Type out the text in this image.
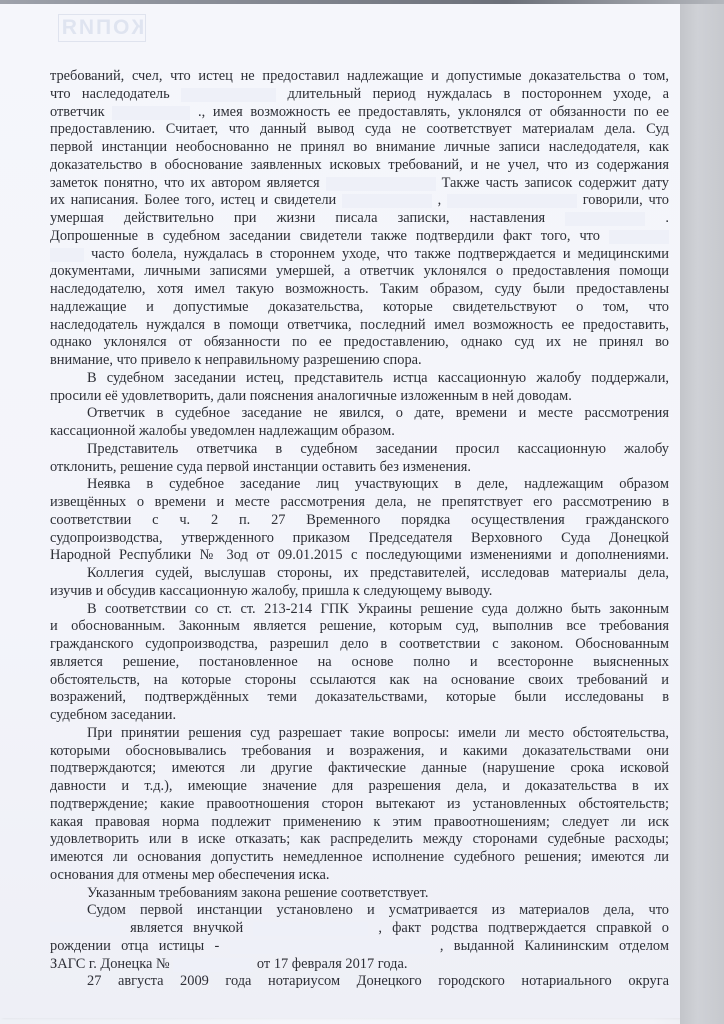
КОПИЯ
требований, счел, что истец не предоставил надлежащие и допустимые доказательства о том,
что наследодатель	длительный период нуждалась в постороннем уходе, а
ответчик	., имея возможность ее предоставлять, уклонялся от обязанности по ее
предоставлению. Считает, что данный вывод суда не соответствует материалам дела. Суд
первой инстанции необоснованно не принял во внимание личные записи наследодателя, как
доказательство в обоснование заявленных исковых требований, и не учел, что из содержания
заметок понятно, что их автором является	Также часть записок содержит дату
их написания. Более того, истец и свидетели	,	говорили, что
умершая действительно при жизни писала записки, наставления	.
Допрошенные в судебном заседании свидетели также подтвердили факт того, что
часто болела, нуждалась в стороннем уходе, что также подтверждается и медицинскими
документами, личными записями умершей, а ответчик уклонялся о предоставления помощи
наследодателю, хотя имел такую возможность. Таким образом, суду были предоставлены
надлежащие и допустимые доказательства, которые свидетельствуют о том, что
наследодатель нуждался в помощи ответчика, последний имел возможность ее предоставить,
однако уклонялся от обязанности по ее предоставлению, однако суд их не принял во
внимание, что привело к неправильному разрешению спора.
В судебном заседании истец, представитель истца кассационную жалобу поддержали,
просили её удовлетворить, дали пояснения аналогичные изложенным в ней доводам.
Ответчик в судебное заседание не явился, о дате, времени и месте рассмотрения
кассационной жалобы уведомлен надлежащим образом.
Представитель ответчика в судебном заседании просил кассационную жалобу
отклонить, решение суда первой инстанции оставить без изменения.
Неявка в судебное заседание лиц участвующих в деле, надлежащим образом
извещённых о времени и месте рассмотрения дела, не препятствует его рассмотрению в
соответствии с ч. 2 п. 27 Временного порядка осуществления гражданского
судопроизводства, утвержденного приказом Председателя Верховного Суда Донецкой
Народной Республики № 3од от 09.01.2015 с последующими изменениями и дополнениями.
Коллегия судей, выслушав стороны, их представителей, исследовав материалы дела,
изучив и обсудив кассационную жалобу, пришла к следующему выводу.
В соответствии со ст. ст. 213-214 ГПК Украины решение суда должно быть законным
и обоснованным. Законным является решение, которым суд, выполнив все требования
гражданского судопроизводства, разрешил дело в соответствии с законом. Обоснованным
является решение, постановленное на основе полно и всесторонне выясненных
обстоятельств, на которые стороны ссылаются как на основание своих требований и
возражений, подтверждённых теми доказательствами, которые были исследованы в
судебном заседании.
При принятии решения суд разрешает такие вопросы: имели ли место обстоятельства,
которыми обосновывались требования и возражения, и какими доказательствами они
подтверждаются; имеются ли другие фактические данные (нарушение срока исковой
давности и т.д.), имеющие значение для разрешения дела, и доказательства в их
подтверждение; какие правоотношения сторон вытекают из установленных обстоятельств;
какая правовая норма подлежит применению к этим правоотношениям; следует ли иск
удовлетворить или в иске отказать; как распределить между сторонами судебные расходы;
имеются ли основания допустить немедленное исполнение судебного решения; имеются ли
основания для отмены мер обеспечения иска.
Указанным требованиям закона решение соответствует.
Судом первой инстанции установлено и усматривается из материалов дела, что
является внучкой	, факт родства подтверждается справкой о
рождении отца истицы -	, выданной Калининским отделом
ЗАГС г. Донецка №	от 17 февраля 2017 года.
27 августа 2009 года нотариусом Донецкого городского нотариального округа
